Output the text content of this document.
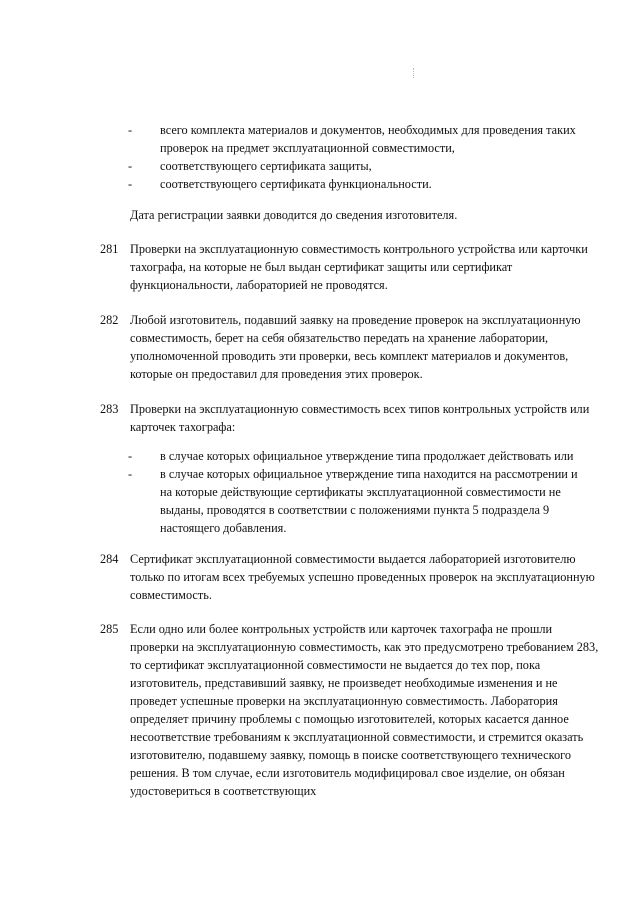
- всего комплекта материалов и документов, необходимых для проведения таких проверок на предмет эксплуатационной совместимости,
- соответствующего сертификата защиты,
- соответствующего сертификата функциональности.

Дата регистрации заявки доводится до сведения изготовителя.

281 Проверки на эксплуатационную совместимость контрольного устройства или карточки тахографа, на которые не был выдан сертификат защиты или сертификат функциональности, лабораторией не проводятся.
282 Любой изготовитель, подавший заявку на проведение проверок на эксплуатационную совместимость, берет на себя обязательство передать на хранение лаборатории, уполномоченной проводить эти проверки, весь комплект материалов и документов, которые он предоставил для проведения этих проверок.
283 Проверки на эксплуатационную совместимость всех типов контрольных устройств или карточек тахографа:
- в случае которых официальное утверждение типа продолжает действовать или
- в случае которых официальное утверждение типа находится на рассмотрении и на которые действующие сертификаты эксплуатационной совместимости не выданы, проводятся в соответствии с положениями пункта 5 подраздела 9 настоящего добавления.
284 Сертификат эксплуатационной совместимости выдается лабораторией изготовителю только по итогам всех требуемых успешно проведенных проверок на эксплуатационную совместимость.
285 Если одно или более контрольных устройств или карточек тахографа не прошли проверки на эксплуатационную совместимость, как это предусмотрено требованием 283, то сертификат эксплуатационной совместимости не выдается до тех пор, пока изготовитель, представивший заявку, не произведет необходимые изменения и не проведет успешные проверки на эксплуатационную совместимость. Лаборатория определяет причину проблемы с помощью изготовителей, которых касается данное несоответствие требованиям к эксплуатационной совместимости, и стремится оказать изготовителю, подавшему заявку, помощь в поиске соответствующего технического решения. В том случае, если изготовитель модифицировал свое изделие, он обязан удостовериться в соответствующих
